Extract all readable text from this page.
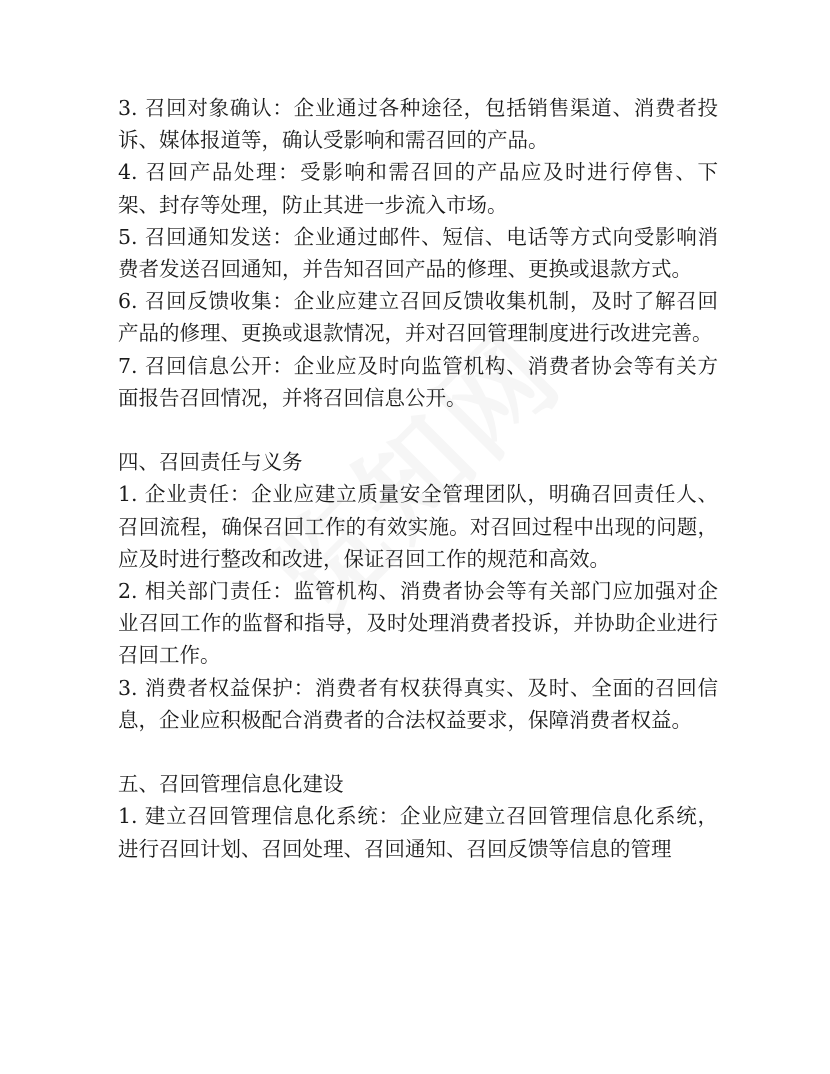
3. 召回对象确认：企业通过各种途径，包括销售渠道、消费者投诉、媒体报道等，确认受影响和需召回的产品。

4. 召回产品处理：受影响和需召回的产品应及时进行停售、下架、封存等处理，防止其进一步流入市场。

5. 召回通知发送：企业通过邮件、短信、电话等方式向受影响消费者发送召回通知，并告知召回产品的修理、更换或退款方式。

6. 召回反馈收集：企业应建立召回反馈收集机制，及时了解召回产品的修理、更换或退款情况，并对召回管理制度进行改进完善。

7. 召回信息公开：企业应及时向监管机构、消费者协会等有关方面报告召回情况，并将召回信息公开。

四、召回责任与义务

1. 企业责任：企业应建立质量安全管理团队，明确召回责任人、召回流程，确保召回工作的有效实施。对召回过程中出现的问题，应及时进行整改和改进，保证召回工作的规范和高效。

2. 相关部门责任：监管机构、消费者协会等有关部门应加强对企业召回工作的监督和指导，及时处理消费者投诉，并协助企业进行召回工作。

3. 消费者权益保护：消费者有权获得真实、及时、全面的召回信息，企业应积极配合消费者的合法权益要求，保障消费者权益。

五、召回管理信息化建设

1. 建立召回管理信息化系统：企业应建立召回管理信息化系统，进行召回计划、召回处理、召回通知、召回反馈等信息的管理
